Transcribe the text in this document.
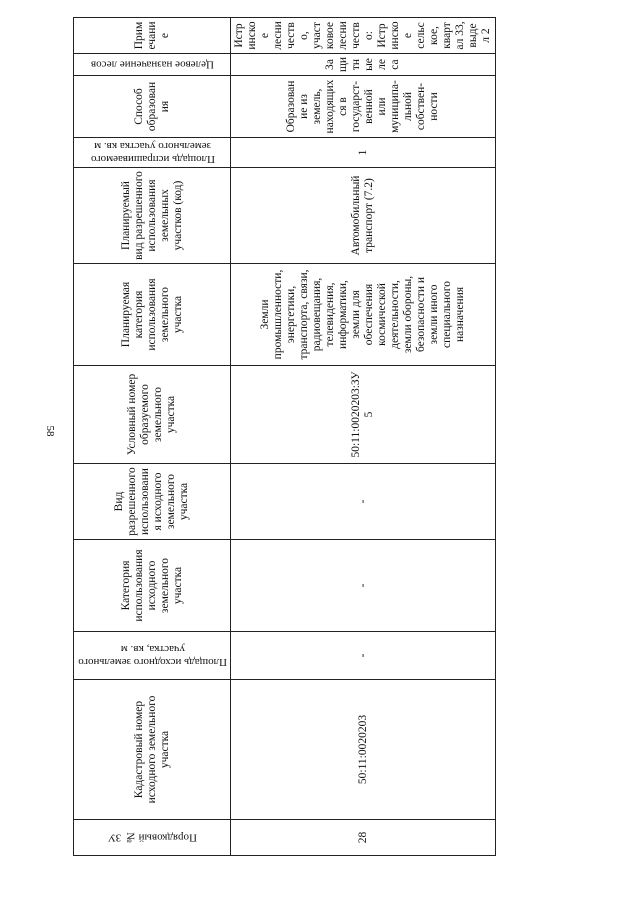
58
Порядковый № ЗУ	Кадастровый номер исходного земельного участка	Площадь исходного земельного участка, кв. м	Категория использования исходного земельного участка	Вид разрешенного использования исходного земельного участка	Условный номер образуемого земельного участка	Планируемая категория использования земельного участка	Планируемый вид разрешенного использования земельных участков (код)	Площадь испрашиваемого земельного участка кв. м	Способ образования	Целевое назначение лесов	Примечание
28	50:11:0020203	-	-	-	50:11:0020203:ЗУ5	Земли промышленности, энергетики, транспорта, связи, радиовещания, телевидения, информатики, земли для обеспечения космической деятельности, земли обороны, безопасности и земли иного специального назначения	Автомобильный транспорт (7.2)	1	Образование из земель, находящихся в государст-венной или муниципа-льной собствен-ности	Защитные леса	Истринское лесничество, участковое лесничество: Истринское сельское, квартал 33, выдел 2
